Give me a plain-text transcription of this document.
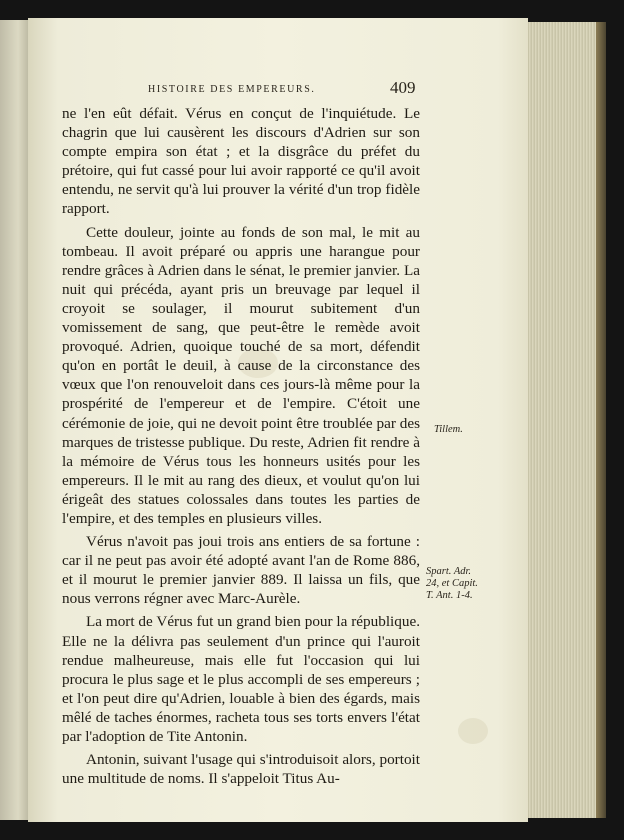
HISTOIRE DES EMPEREURS.	409

ne l'en eût défait. Vérus en conçut de l'inquiétude. Le chagrin que lui causèrent les discours d'Adrien sur son compte empira son état ; et la disgrâce du préfet du prétoire, qui fut cassé pour lui avoir rapporté ce qu'il avoit entendu, ne servit qu'à lui prouver la vérité d'un trop fidèle rapport.

Cette douleur, jointe au fonds de son mal, le mit au tombeau. Il avoit préparé ou appris une harangue pour rendre grâces à Adrien dans le sénat, le premier janvier. La nuit qui précéda, ayant pris un breuvage par lequel il croyoit se soulager, il mourut subitement d'un vomissement de sang, que peut-être le remède avoit provoqué. Adrien, quoique touché de sa mort, défendit qu'on en portât le deuil, à cause de la circonstance des vœux que l'on renouveloit dans ces jours-là même pour la prospérité de l'empereur et de l'empire. C'étoit une cérémonie de joie, qui ne devoit point être troublée par des marques de tristesse publique. Du reste, Adrien fit rendre à la mémoire de Vérus tous les honneurs usités pour les empereurs. Il le mit au rang des dieux, et voulut qu'on lui érigeât des statues colossales dans toutes les parties de l'empire, et des temples en plusieurs villes.

Vérus n'avoit pas joui trois ans entiers de sa fortune : car il ne peut pas avoir été adopté avant l'an de Rome 886, et il mourut le premier janvier 889. Il laissa un fils, que nous verrons régner avec Marc-Aurèle.

La mort de Vérus fut un grand bien pour la république. Elle ne la délivra pas seulement d'un prince qui l'auroit rendue malheureuse, mais elle fut l'occasion qui lui procura le plus sage et le plus accompli de ses empereurs ; et l'on peut dire qu'Adrien, louable à bien des égards, mais mêlé de taches énormes, racheta tous ses torts envers l'état par l'adoption de Tite Antonin.

Antonin, suivant l'usage qui s'introduisoit alors, portoit une multitude de noms. Il s'appeloit Titus Au-

Tillem.
Spart. Adr.
24, et Capit.
T. Ant. 1-4.
